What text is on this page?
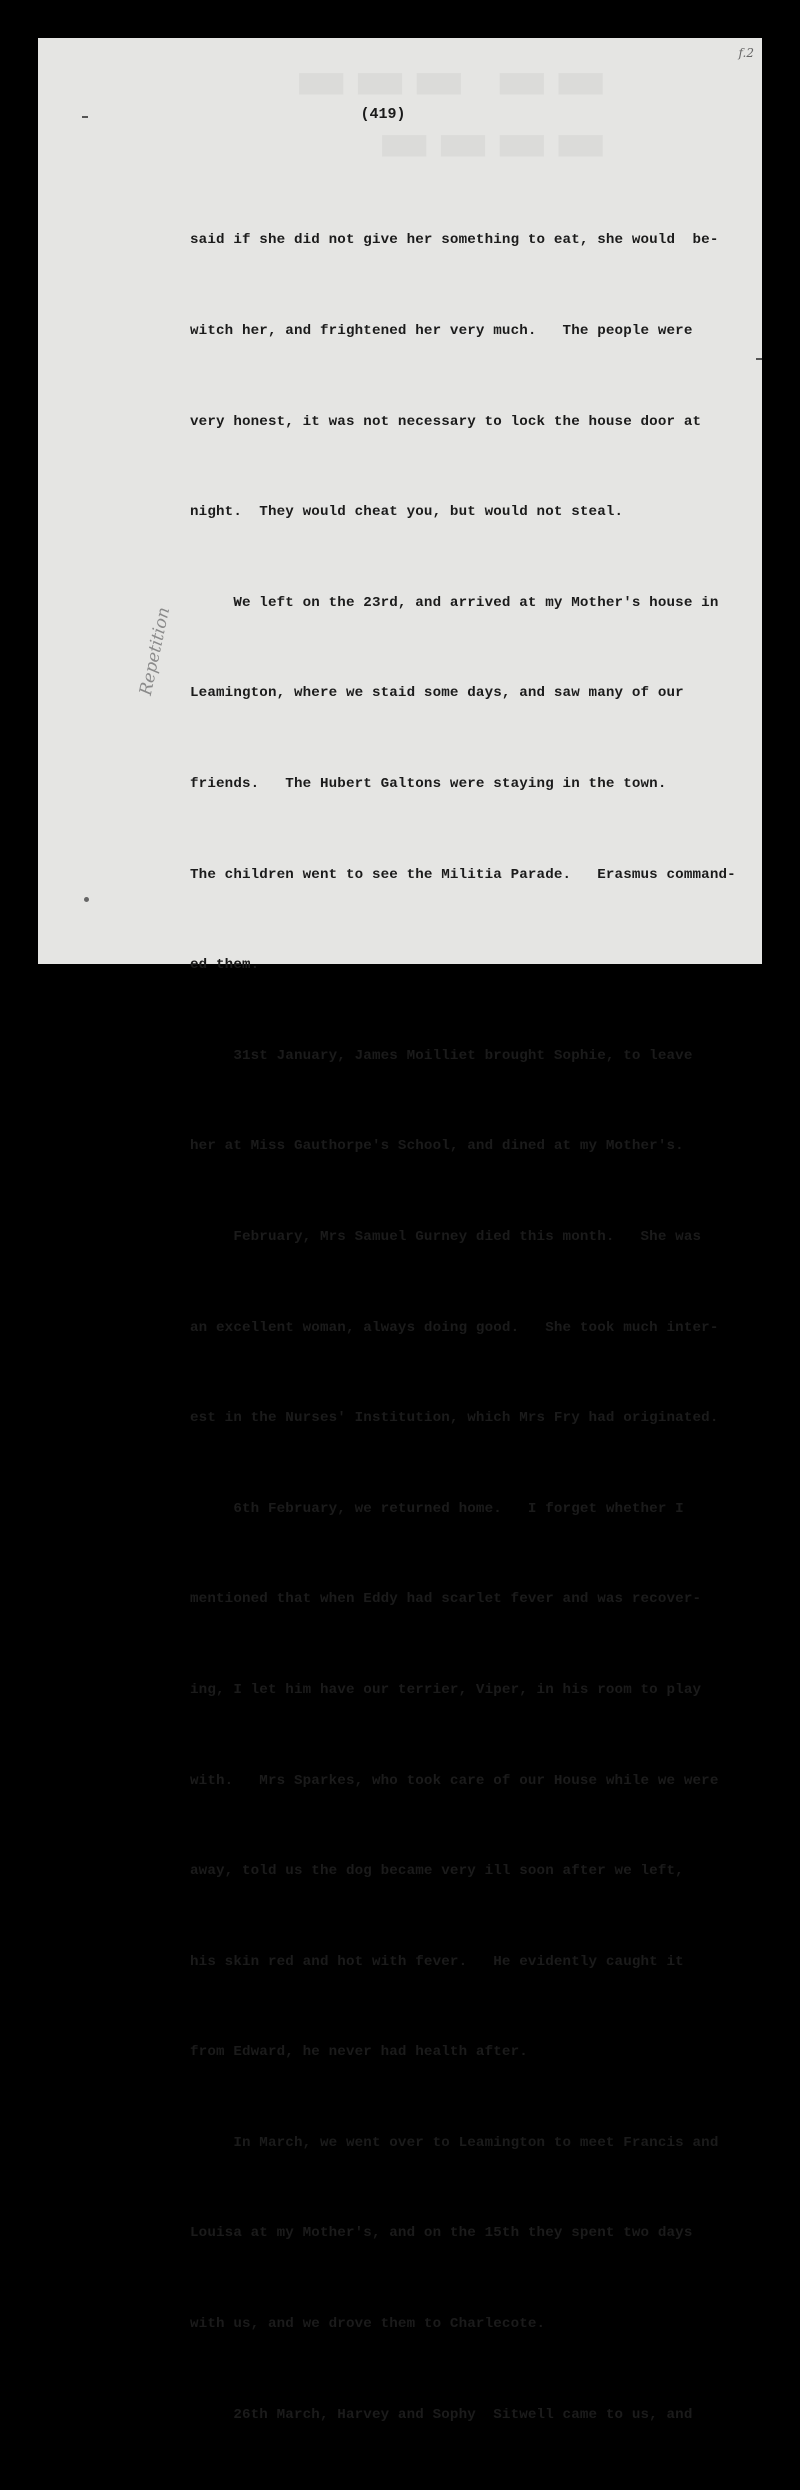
f.2
(419)
Repetition

said if she did not give her something to eat, she would  be-

witch her, and frightened her very much.   The people were

very honest, it was not necessary to lock the house door at

night.  They would cheat you, but would not steal.

We left on the 23rd, and arrived at my Mother's house in

Leamington, where we staid some days, and saw many of our

friends.   The Hubert Galtons were staying in the town.

The children went to see the Militia Parade.   Erasmus command-

ed them.

31st January, James Moilliet brought Sophie, to leave

her at Miss Gauthorpe's School, and dined at my Mother's.

February, Mrs Samuel Gurney died this month.   She was

an excellent woman, always doing good.   She took much inter-

est in the Nurses' Institution, which Mrs Fry had originated.

6th February, we returned home.   I forget whether I

mentioned that when Eddy had scarlet fever and was recover-

ing, I let him have our terrier, Viper, in his room to play

with.   Mrs Sparkes, who took care of our House while we were

away, told us the dog became very ill soon after we left,

his skin red and hot with fever.   He evidently caught it

from Edward, he never had health after.

In March, we went over to Leamington to meet Francis and

Louisa at my Mother's, and on the 15th they spent two days

with us, and we drove them to Charlecote.

26th March, Harvey and Sophy  Sitwell came to us, and
